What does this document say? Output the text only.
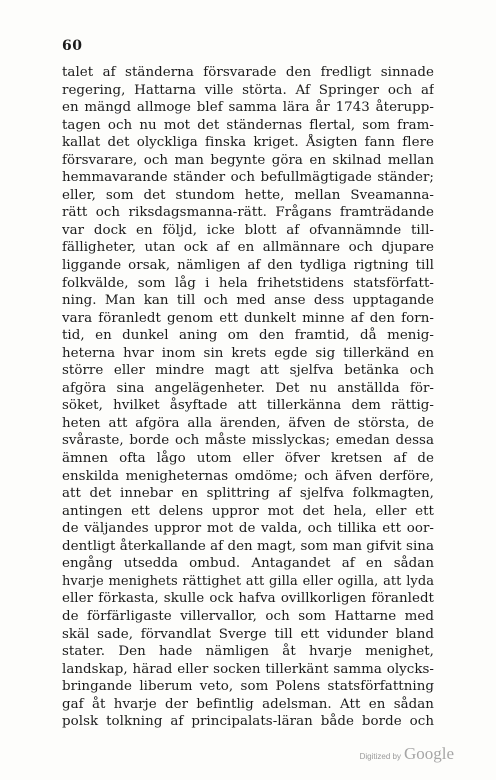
60
talet af ständerna försvarade den fredligt sinnade
regering, Hattarna ville störta. Af Springer och af
en mängd allmoge blef samma lära år 1743 återupp-
tagen och nu mot det ständernas flertal, som fram-
kallat det olyckliga finska kriget. Åsigten fann flere
försvarare, och man begynte göra en skilnad mellan
hemmavarande ständer och befullmägtigade ständer;
eller, som det stundom hette, mellan Sveamanna-
rätt och riksdagsmanna-rätt. Frågans framträdande
var dock en följd, icke blott af ofvannämnde till-
fälligheter, utan ock af en allmännare och djupare
liggande orsak, nämligen af den tydliga rigtning till
folkvälde, som låg i hela frihetstidens statsförfatt-
ning. Man kan till och med anse dess upptagande
vara föranledt genom ett dunkelt minne af den forn-
tid, en dunkel aning om den framtid, då menig-
heterna hvar inom sin krets egde sig tillerkänd en
större eller mindre magt att sjelfva betänka och
afgöra sina angelägenheter. Det nu anställda för-
söket, hvilket åsyftade att tillerkänna dem rättig-
heten att afgöra alla ärenden, äfven de största, de
svåraste, borde och måste misslyckas; emedan dessa
ämnen ofta lågo utom eller öfver kretsen af de
enskilda menigheternas omdöme; och äfven derföre,
att det innebar en splittring af sjelfva folkmagten,
antingen ett delens uppror mot det hela, eller ett
de väljandes uppror mot de valda, och tillika ett oor-
dentligt återkallande af den magt, som man gifvit sina
engång utsedda ombud. Antagandet af en sådan
hvarje menighets rättighet att gilla eller ogilla, att lyda
eller förkasta, skulle ock hafva ovillkorligen föranledt
de förfärligaste villervallor, och som Hattarne med
skäl sade, förvandlat Sverge till ett vidunder bland
stater. Den hade nämligen åt hvarje menighet,
landskap, härad eller socken tillerkänt samma olycks-
bringande liberum veto, som Polens statsförfattning
gaf åt hvarje der befintlig adelsman. Att en sådan
polsk tolkning af principalats-läran både borde och
Digitized by Google
